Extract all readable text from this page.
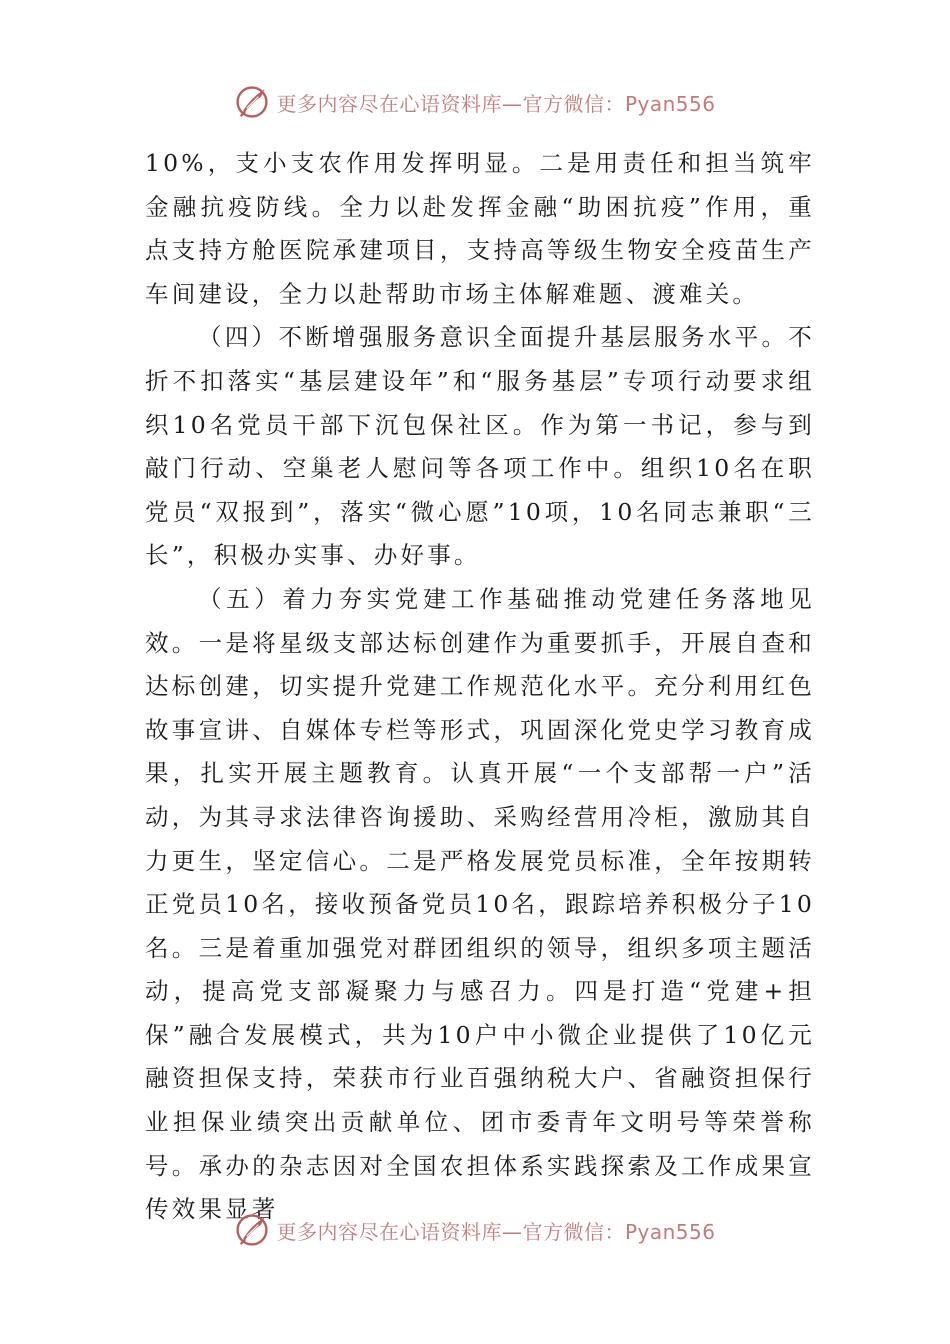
更多内容尽在心语资料库—官方微信：Pyan556

10%，支小支农作用发挥明显。二是用责任和担当筑牢金融抗疫防线。全力以赴发挥金融“助困抗疫”作用，重点支持方舱医院承建项目，支持高等级生物安全疫苗生产车间建设，全力以赴帮助市场主体解难题、渡难关。

（四）不断增强服务意识全面提升基层服务水平。不折不扣落实“基层建设年”和“服务基层”专项行动要求组织10名党员干部下沉包保社区。作为第一书记，参与到敲门行动、空巢老人慰问等各项工作中。组织10名在职党员“双报到”，落实“微心愿”10项，10名同志兼职“三长”，积极办实事、办好事。

（五）着力夯实党建工作基础推动党建任务落地见效。一是将星级支部达标创建作为重要抓手，开展自查和达标创建，切实提升党建工作规范化水平。充分利用红色故事宣讲、自媒体专栏等形式，巩固深化党史学习教育成果，扎实开展主题教育。认真开展“一个支部帮一户”活动，为其寻求法律咨询援助、采购经营用冷柜，激励其自力更生，坚定信心。二是严格发展党员标准，全年按期转正党员10名，接收预备党员10名，跟踪培养积极分子10名。三是着重加强党对群团组织的领导，组织多项主题活动，提高党支部凝聚力与感召力。四是打造“党建+担保”融合发展模式，共为10户中小微企业提供了10亿元融资担保支持，荣获市行业百强纳税大户、省融资担保行业担保业绩突出贡献单位、团市委青年文明号等荣誉称号。承办的杂志因对全国农担体系实践探索及工作成果宣传效果显著

更多内容尽在心语资料库—官方微信：Pyan556
